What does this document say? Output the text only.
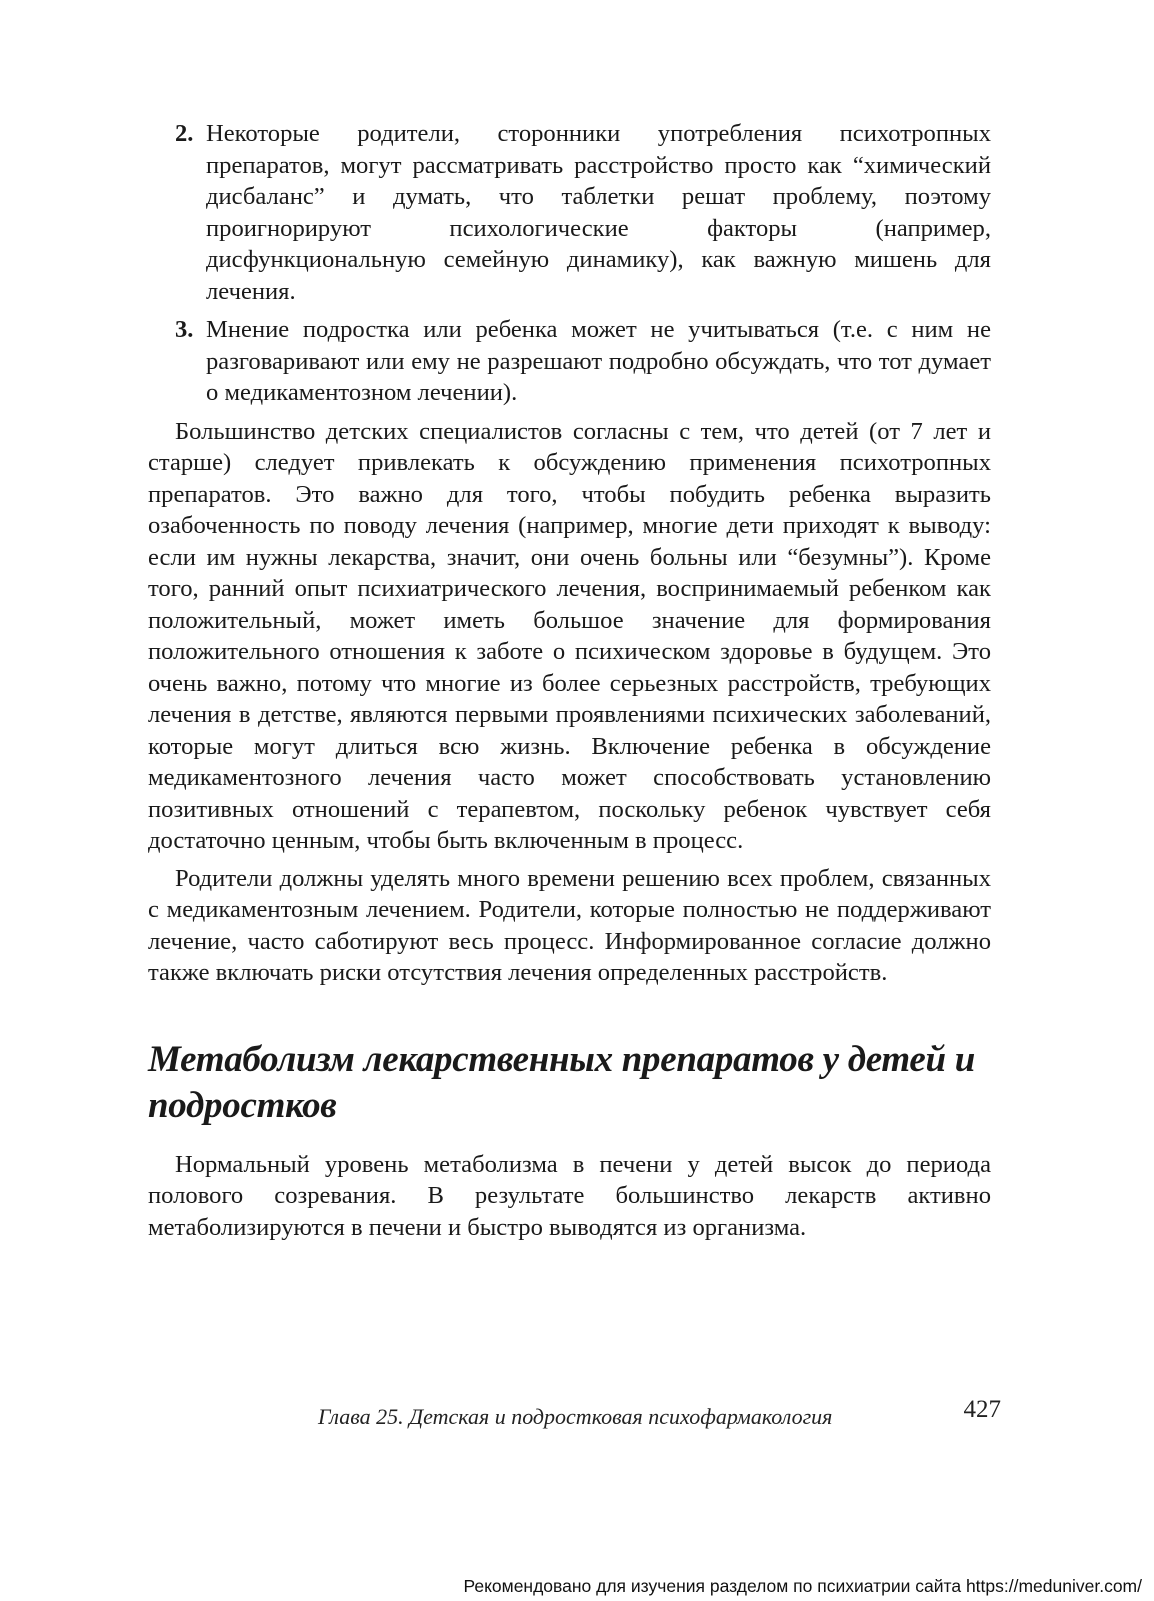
2. Некоторые родители, сторонники употребления психотропных препаратов, могут рассматривать расстройство просто как “химический дисбаланс” и думать, что таблетки решат проблему, поэтому проигнорируют психологические факторы (например, дисфункциональную семейную динамику), как важную мишень для лечения.
3. Мнение подростка или ребенка может не учитываться (т.е. с ним не разговаривают или ему не разрешают подробно обсуждать, что тот думает о медикаментозном лечении).

Большинство детских специалистов согласны с тем, что детей (от 7 лет и старше) следует привлекать к обсуждению применения психотропных препаратов. Это важно для того, чтобы побудить ребенка выразить озабоченность по поводу лечения (например, многие дети приходят к выводу: если им нужны лекарства, значит, они очень больны или “безумны”). Кроме того, ранний опыт психиатрического лечения, воспринимаемый ребенком как положительный, может иметь большое значение для формирования положительного отношения к заботе о психическом здоровье в будущем. Это очень важно, потому что многие из более серьезных расстройств, требующих лечения в детстве, являются первыми проявлениями психических заболеваний, которые могут длиться всю жизнь. Включение ребенка в обсуждение медикаментозного лечения часто может способствовать установлению позитивных отношений с терапевтом, поскольку ребенок чувствует себя достаточно ценным, чтобы быть включенным в процесс.

Родители должны уделять много времени решению всех проблем, связанных с медикаментозным лечением. Родители, которые полностью не поддерживают лечение, часто саботируют весь процесс. Информированное согласие должно также включать риски отсутствия лечения определенных расстройств.

Метаболизм лекарственных препаратов у детей и подростков

Нормальный уровень метаболизма в печени у детей высок до периода полового созревания. В результате большинство лекарств активно метаболизируются в печени и быстро выводятся из организма.

Глава 25. Детская и подростковая психофармакология	427
Рекомендовано для изучения разделом по психиатрии сайта https://meduniver.com/
